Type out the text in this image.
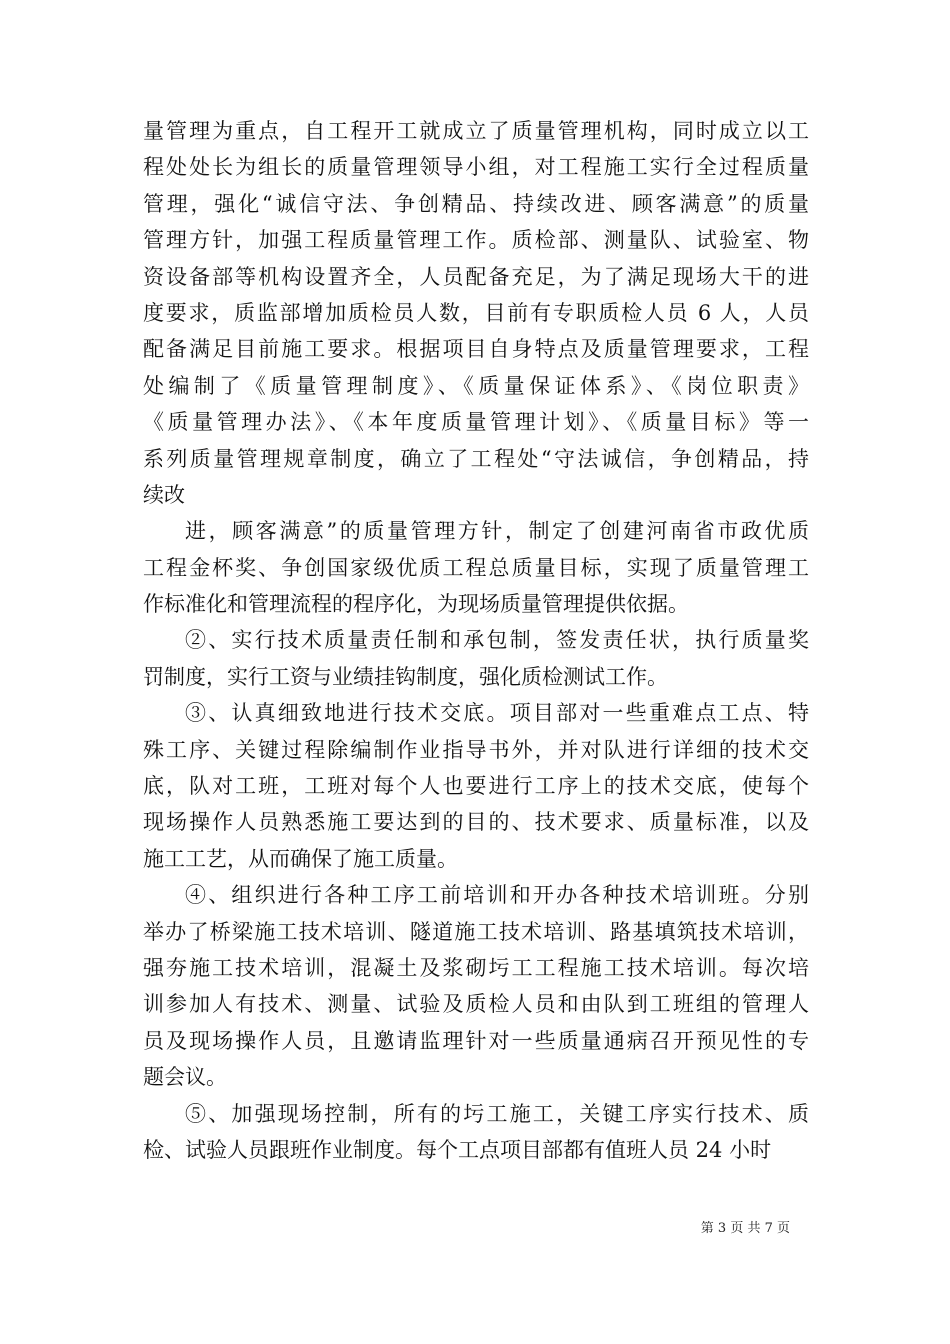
量管理为重点，自工程开工就成立了质量管理机构，同时成立以工
程处处长为组长的质量管理领导小组，对工程施工实行全过程质量
管理，强化“诚信守法、争创精品、持续改进、顾客满意”的质量
管理方针，加强工程质量管理工作。质检部、测量队、试验室、物
资设备部等机构设置齐全，人员配备充足，为了满足现场大干的进
度要求，质监部增加质检员人数，目前有专职质检人员 6 人，人员
配备满足目前施工要求。根据项目自身特点及质量管理要求，工程
处编制了《质量管理制度》、《质量保证体系》、《岗位职责》
《质量管理办法》、《本年度质量管理计划》、《质量目标》等一
系列质量管理规章制度，确立了工程处“守法诚信，争创精品，持
续改
进，顾客满意”的质量管理方针，制定了创建河南省市政优质
工程金杯奖、争创国家级优质工程总质量目标，实现了质量管理工
作标准化和管理流程的程序化，为现场质量管理提供依据。
②、实行技术质量责任制和承包制，签发责任状，执行质量奖
罚制度，实行工资与业绩挂钩制度，强化质检测试工作。
③、认真细致地进行技术交底。项目部对一些重难点工点、特
殊工序、关键过程除编制作业指导书外，并对队进行详细的技术交
底，队对工班，工班对每个人也要进行工序上的技术交底，使每个
现场操作人员熟悉施工要达到的目的、技术要求、质量标准，以及
施工工艺，从而确保了施工质量。
④、组织进行各种工序工前培训和开办各种技术培训班。分别
举办了桥梁施工技术培训、隧道施工技术培训、路基填筑技术培训，
强夯施工技术培训，混凝土及浆砌圬工工程施工技术培训。每次培
训参加人有技术、测量、试验及质检人员和由队到工班组的管理人
员及现场操作人员，且邀请监理针对一些质量通病召开预见性的专
题会议。
⑤、加强现场控制，所有的圬工施工，关键工序实行技术、质
检、试验人员跟班作业制度。每个工点项目部都有值班人员 24 小时
第 3 页 共 7 页
